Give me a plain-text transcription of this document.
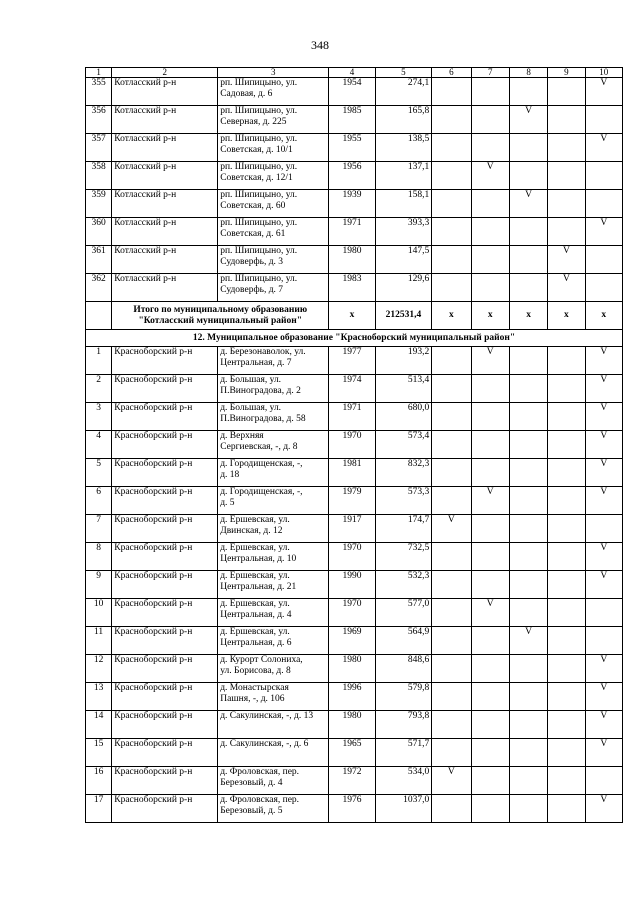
348
1	2	3	4	5	6	7	8	9	10
355	Котласский р-н	рп. Шипицыно, ул.
Садовая, д. 6	1954	274,1					V
356	Котласский р-н	рп. Шипицыно, ул.
Северная, д. 225	1985	165,8			V		
357	Котласский р-н	рп. Шипицыно, ул.
Советская, д. 10/1	1955	138,5					V
358	Котласский р-н	рп. Шипицыно, ул.
Советская, д. 12/1	1956	137,1		V			
359	Котласский р-н	рп. Шипицыно, ул.
Советская, д. 60	1939	158,1			V		
360	Котласский р-н	рп. Шипицыно, ул.
Советская, д. 61	1971	393,3					V
361	Котласский р-н	рп. Шипицыно, ул.
Судоверфь, д. 3	1980	147,5				V	
362	Котласский р-н	рп. Шипицыно, ул.
Судоверфь, д. 7	1983	129,6				V	
	Итого по муниципальному образованию "Котласский муниципальный район"		x	212531,4	x	x	x	x	x
12. Муниципальное образование "Красноборский муниципальный район"									
1	Красноборский р-н	д. Березонаволок, ул.
Центральная, д. 7	1977	193,2		V			V
2	Красноборский р-н	д. Большая, ул.
П.Виноградова, д. 2	1974	513,4					V
3	Красноборский р-н	д. Большая, ул.
П.Виноградова, д. 58	1971	680,0					V
4	Красноборский р-н	д. Верхняя
Сергиевская, -, д. 8	1970	573,4					V
5	Красноборский р-н	д. Городищенская, -,
д. 18	1981	832,3					V
6	Красноборский р-н	д. Городищенская, -,
д. 5	1979	573,3		V			V
7	Красноборский р-н	д. Ершевская, ул.
Двинская, д. 12	1917	174,7	V				
8	Красноборский р-н	д. Ершевская, ул.
Центральная, д. 10	1970	732,5					V
9	Красноборский р-н	д. Ершевская, ул.
Центральная, д. 21	1990	532,3					V
10	Красноборский р-н	д. Ершевская, ул.
Центральная, д. 4	1970	577,0		V			
11	Красноборский р-н	д. Ершевская, ул.
Центральная, д. 6	1969	564,9			V		
12	Красноборский р-н	д. Курорт Солониха,
ул. Борисова, д. 8	1980	848,6					V
13	Красноборский р-н	д. Монастырская
Пашня, -, д. 106	1996	579,8					V
14	Красноборский р-н	д. Сакулинская, -, д. 13	1980	793,8					V
15	Красноборский р-н	д. Сакулинская, -, д. 6	1965	571,7					V
16	Красноборский р-н	д. Фроловская, пер.
Березовый, д. 4	1972	534,0	V				
17	Красноборский р-н	д. Фроловская, пер.
Березовый, д. 5	1976	1037,0					V
